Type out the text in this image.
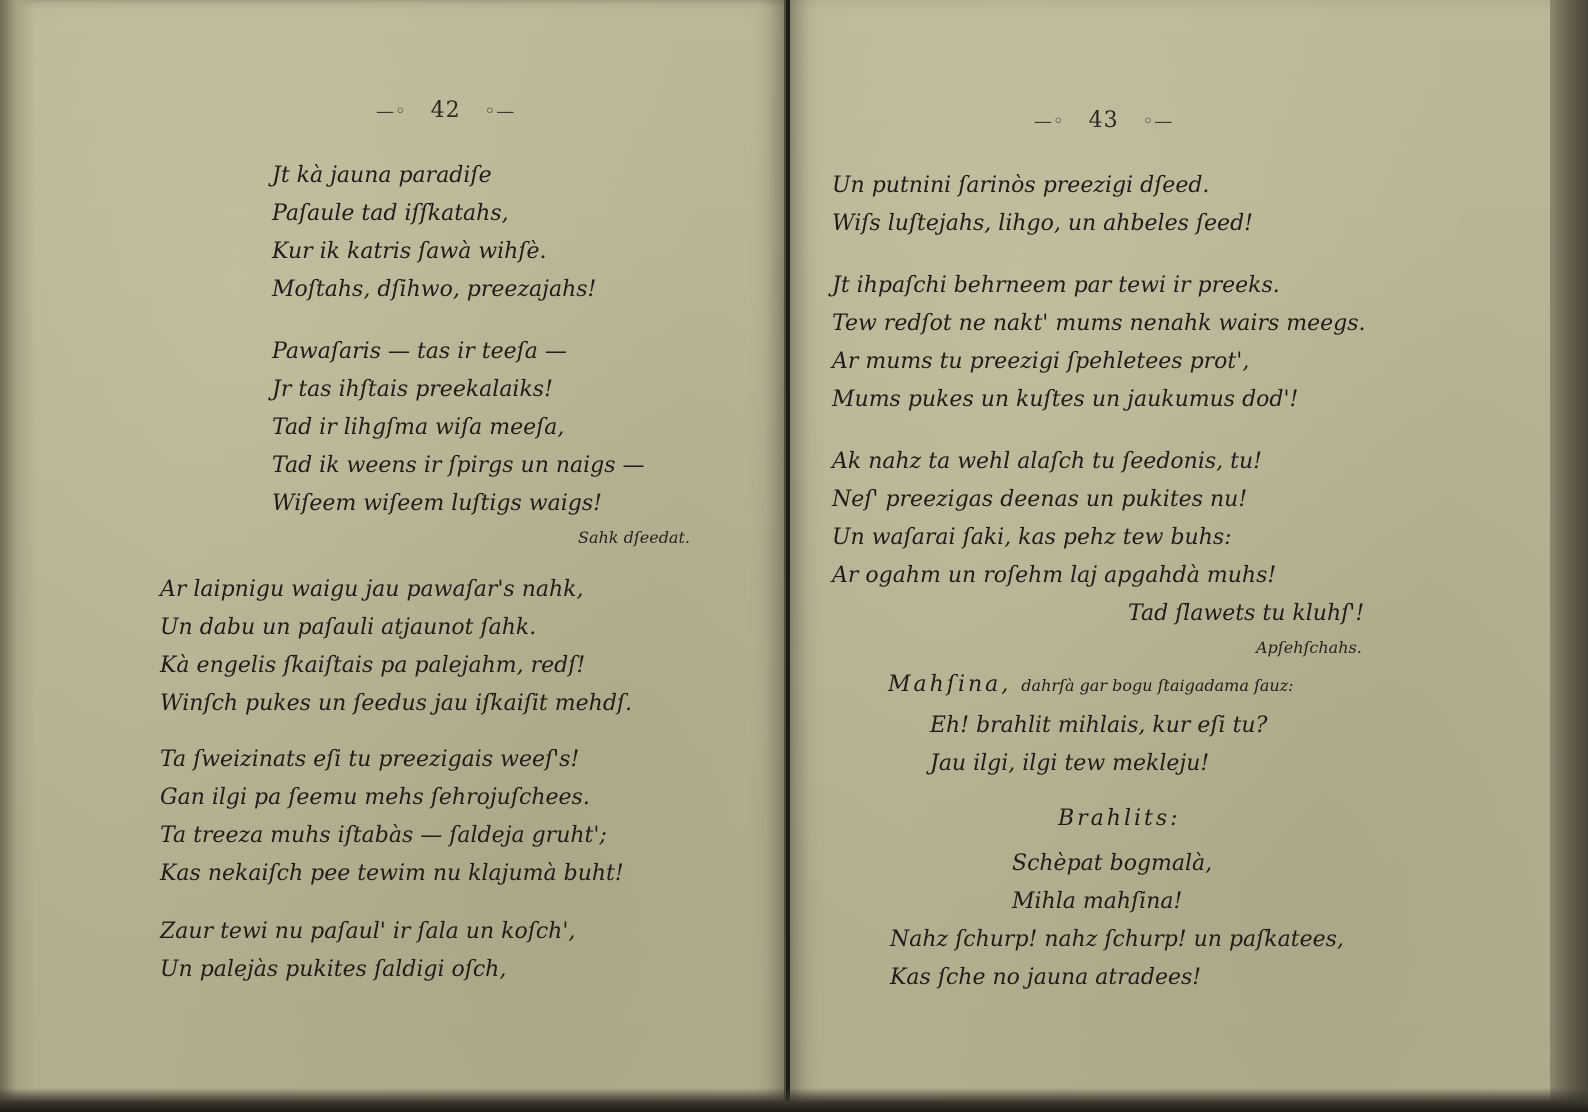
—◦ 42 ◦—
Jt kà jauna paradiſe
Paſaule tad iſſkatahs,
Kur ik katris ſawà wihſè.
Moſtahs, dſihwo, preezajahs!
Pawaſaris — tas ir teeſa —
Jr tas ihſtais preekalaiks!
Tad ir lihgſma wiſa meeſa,
Tad ik weens ir ſpirgs un naigs —
Wiſeem wiſeem luſtigs waigs!
Sahk dſeedat.
Ar laipnigu waigu jau pawaſar's nahk,
Un dabu un paſauli atjaunot ſahk.
Kà engelis ſkaiſtais pa palejahm, redſ!
Winſch pukes un ſeedus jau iſkaiſit mehdſ.
Ta ſweizinats eſi tu preezigais weeſ's!
Gan ilgi pa ſeemu mehs ſehrojuſchees.
Ta treeza muhs iſtabàs — ſaldeja gruht';
Kas nekaiſch pee tewim nu klajumà buht!
Zaur tewi nu paſaul' ir ſala un koſch',
Un palejàs pukites ſaldigi oſch,
—◦ 43 ◦—
Un putnini ſarinòs preezigi dſeed.
Wiſs luſtejahs, lihgo, un ahbeles ſeed!
Jt ihpaſchi behrneem par tewi ir preeks.
Tew redſot ne nakt' mums nenahk wairs meegs.
Ar mums tu preezigi ſpehletees prot',
Mums pukes un kuſtes un jaukumus dod'!
Ak nahz ta wehl alaſch tu ſeedonis, tu!
Neſ' preezigas deenas un pukites nu!
Un waſarai ſaki, kas pehz tew buhs:
Ar ogahm un roſehm laj apgahdà muhs!
Tad ſlawets tu kluhſ'!
Apſehſchahs.
Mahſina, dahrſà gar bogu ſtaigadama ſauz:
Eh! brahlit mihlais, kur eſi tu?
Jau ilgi, ilgi tew mekleju!
Brahlits:
Schèpat bogmalà,
Mihla mahſina!
Nahz ſchurp! nahz ſchurp! un paſkatees,
Kas ſche no jauna atradees!
